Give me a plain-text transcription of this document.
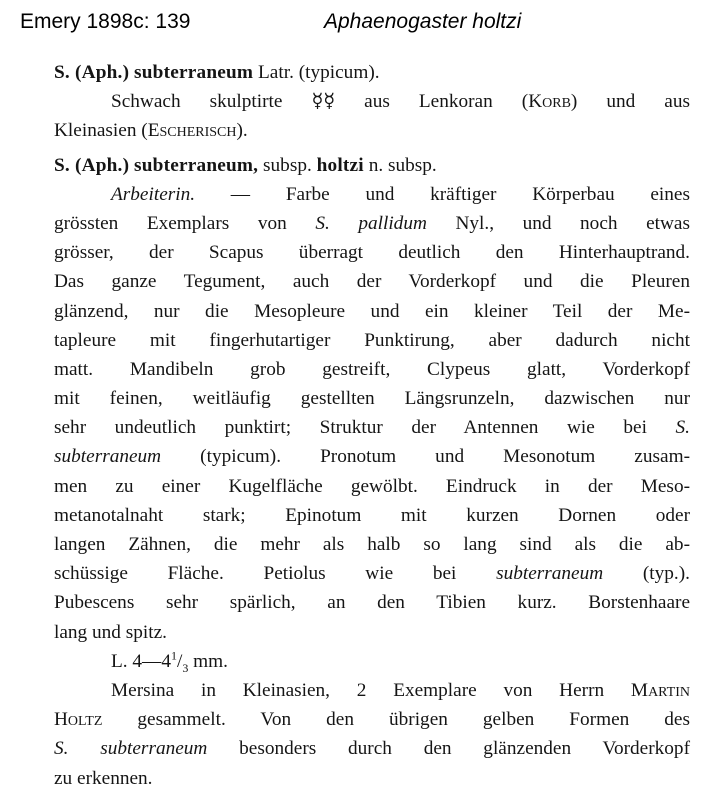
Emery 1898c: 139	Aphaenogaster holtzi
S. (Aph.) subterraneum Latr. (typicum).
Schwach skulptirte ☿☿ aus Lenkoran (Korb) und aus
Kleinasien (Escherisch).
S. (Aph.) subterraneum, subsp. holtzi n. subsp.
Arbeiterin. — Farbe und kräftiger Körperbau eines
grössten Exemplars von S. pallidum Nyl., und noch etwas
grösser, der Scapus überragt deutlich den Hinterhauptrand.
Das ganze Tegument, auch der Vorderkopf und die Pleuren
glänzend, nur die Mesopleure und ein kleiner Teil der Me-
tapleure mit fingerhutartiger Punktirung, aber dadurch nicht
matt. Mandibeln grob gestreift, Clypeus glatt, Vorderkopf
mit feinen, weitläufig gestellten Längsrunzeln, dazwischen nur
sehr undeutlich punktirt; Struktur der Antennen wie bei S.
subterraneum (typicum). Pronotum und Mesonotum zusam-
men zu einer Kugelfläche gewölbt. Eindruck in der Meso-
metanotalnaht stark; Epinotum mit kurzen Dornen oder
langen Zähnen, die mehr als halb so lang sind als die ab-
schüssige Fläche. Petiolus wie bei subterraneum (typ.).
Pubescens sehr spärlich, an den Tibien kurz. Borstenhaare
lang und spitz.
L. $4—4^1/_3$ mm.
Mersina in Kleinasien, 2 Exemplare von Herrn Martin
Holtz gesammelt. Von den übrigen gelben Formen des
S. subterraneum besonders durch den glänzenden Vorderkopf
zu erkennen.
